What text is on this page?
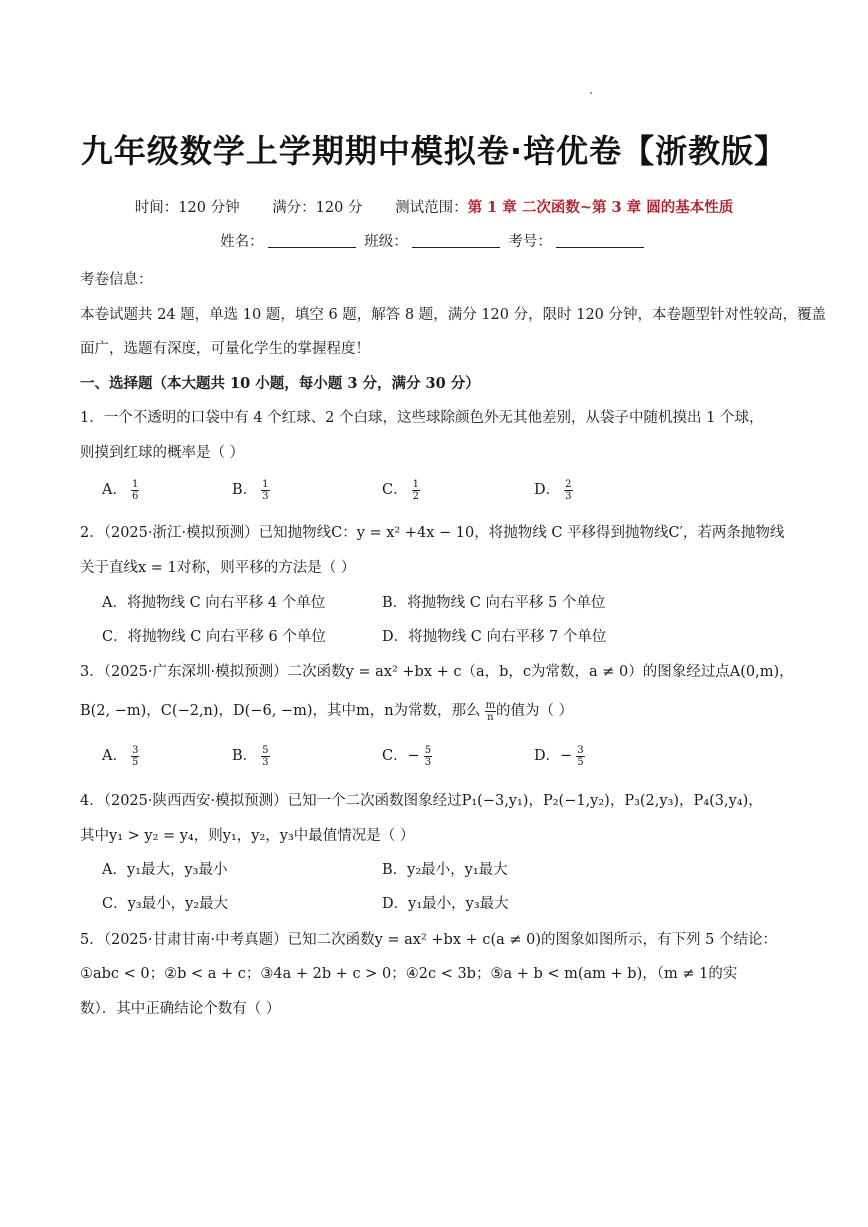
九年级数学上学期期中模拟卷·培优卷【浙教版】
时间：120 分钟 满分：120 分 测试范围：第 1 章 二次函数~第 3 章 圆的基本性质
姓名：	班级：	考号：
考卷信息：
本卷试题共 24 题，单选 10 题，填空 6 题，解答 8 题，满分 120 分，限时 120 分钟，本卷题型针对性较高，覆盖
面广，选题有深度，可量化学生的掌握程度！
一、选择题（本大题共 10 小题，每小题 3 分，满分 30 分）
1．一个不透明的口袋中有 4 个红球、2 个白球，这些球除颜色外无其他差别，从袋子中随机摸出 1 个球，
则摸到红球的概率是（ ）
A． $\frac{1}{6}$	B． $\frac{1}{3}$	C． $\frac{1}{2}$	D． $\frac{2}{3}$
2．（2025·浙江·模拟预测）已知抛物线C：y = x² +4x − 10，将抛物线 C 平移得到抛物线C′，若两条抛物线
关于直线x = 1对称，则平移的方法是（ ）
A．将抛物线 C 向右平移 4 个单位	B．将抛物线 C 向右平移 5 个单位
C．将抛物线 C 向右平移 6 个单位	D．将抛物线 C 向右平移 7 个单位
3．（2025·广东深圳·模拟预测）二次函数y = ax² +bx + c（a，b，c为常数，a ≠ 0）的图象经过点A(0,m)，
B(2, −m)，C(−2,n)，D(−6, −m)，其中m，n为常数，那么 $\frac{m}{n}$ 的值为（ ）
A． $\frac{3}{5}$	B． $\frac{5}{3}$	C．− $\frac{5}{3}$	D．− $\frac{3}{5}$
4．（2025·陕西西安·模拟预测）已知一个二次函数图象经过P₁(−3,y₁)，P₂(−1,y₂)，P₃(2,y₃)，P₄(3,y₄)，
其中y₁ > y₂ = y₄，则y₁，y₂，y₃中最值情况是（ ）
A．y₁最大，y₃最小	B．y₂最小，y₁最大
C．y₃最小，y₂最大	D．y₁最小，y₃最大
5．（2025·甘肃甘南·中考真题）已知二次函数y = ax² +bx + c(a ≠ 0)的图象如图所示，有下列 5 个结论：
①abc < 0；②b < a + c；③4a + 2b + c > 0；④2c < 3b；⑤a + b < m(am + b)，（m ≠ 1的实
数）．其中正确结论个数有（ ）
